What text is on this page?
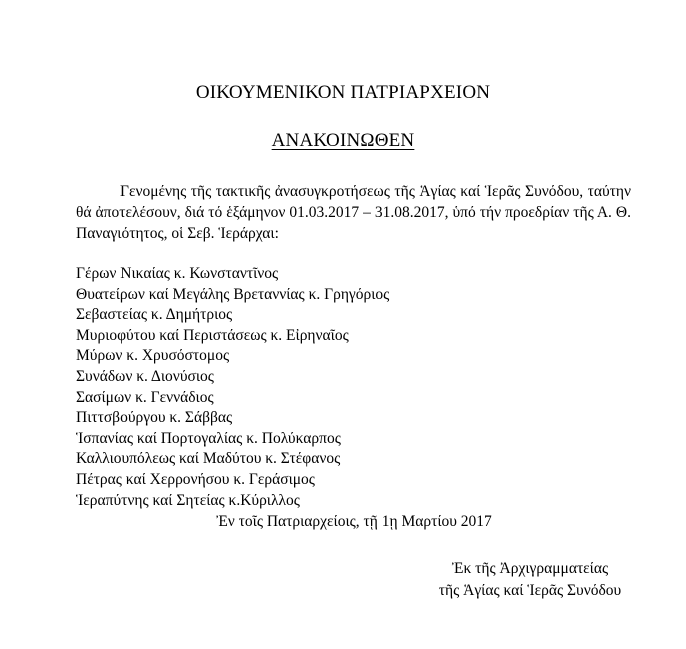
ΟΙΚΟΥΜΕΝΙΚΟΝ ΠΑΤΡΙΑΡΧΕΙΟΝ
ΑΝΑΚΟΙΝΩΘΕΝ

Γενομένης τῆς τακτικῆς ἀνασυγκροτήσεως τῆς Ἁγίας καί Ἱερᾶς Συνόδου, ταύτην θά ἀποτελέσουν, διά τό ἑξάμηνον 01.03.2017 – 31.08.2017, ὑπό τήν προεδρίαν τῆς Α. Θ. Παναγιότητος, οἱ Σεβ. Ἱεράρχαι:

Γέρων Νικαίας κ. Κωνσταντῖνος
Θυατείρων καί Μεγάλης Βρεταννίας κ. Γρηγόριος
Σεβαστείας κ. Δημήτριος
Μυριοφύτου καί Περιστάσεως κ. Εἰρηναῖος
Μύρων κ. Χρυσόστομος
Συνάδων κ. Διονύσιος
Σασίμων κ. Γεννάδιος
Πιττσβούργου κ. Σάββας
Ἱσπανίας καί Πορτογαλίας κ. Πολύκαρπος
Καλλιουπόλεως καί Μαδύτου κ. Στέφανος
Πέτρας καί Χερρονήσου κ. Γεράσιμος
Ἱεραπύτνης καί Σητείας κ.Κύριλλος
Ἐν τοῖς Πατριαρχείοις, τῇ 1ῃ Μαρτίου 2017
Ἐκ τῆς Ἀρχιγραμματείας
τῆς Ἁγίας καί Ἱερᾶς Συνόδου
